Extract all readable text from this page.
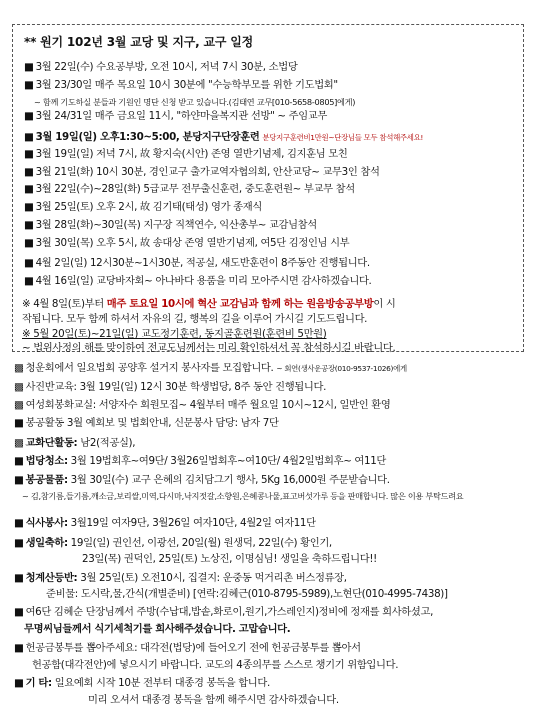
** 원기 102년 3월 교당 및 지구, 교구 일정
■ 3월 22일(수) 수요공부방, 오전 10시, 저녁 7시 30분, 소법당
■ 3월 23/30일 매주 목요일 10시 30분에 "수능학부모를 위한 기도법회"
~ 함께 기도하실 분들과 기원인 명단 신청 받고 있습니다.(김태연 교무[010-5658-0805]에게)
■ 3월 24/31일 매주 금요일 11시, "하얀마을복지관 선방" ~ 주임교무
■ 3월 19일(일) 오후1:30~5:00, 분당지구단장훈련 분당지구훈련비1만원~단장님들 모두 참석해주세요!
■ 3월 19일(일) 저녁 7시, 故 황지숙(시안) 존영 열반기념제, 김지훈님 모친
■ 3월 21일(화) 10시 30분, 경인교구 출가교역자협의회, 안산교당~ 교무3인 참석
■ 3월 22일(수)~28일(화) 5급교무 전무출신훈련, 중도훈련원~ 부교무 참석
■ 3월 25일(토) 오후 2시, 故 김기태(태성) 영가 종재식
■ 3월 28일(화)~30일(목) 지구장 직책연수, 익산총부~ 교감님참석
■ 3월 30일(목) 오후 5시, 故 송대상 존영 열반기념제, 여5단 김정인님 시부
■ 4월 2일(일) 12시30분~1시30분, 적공실, 새도반훈련이 8주동안 진행됩니다.
■ 4월 16일(일) 교당바자회~ 아나바다 용품을 미리 모아주시면 감사하겠습니다.
※ 4월 8일(토)부터 매주 토요일 10시에 혁산 교감님과 함께 하는 원음방송공부방이 시
작됩니다. 모두 함께 하셔서 자유의 길, 행복의 길을 이루어 가시길 기도드립니다.
※ 5월 20일(토)~21일(일) 교도정기훈련, 동지골훈련원(훈련비 5만원)
~ 법위사정의 해를 맞이하여 전교도님께서는 미리 확인하셔서 꼭 참석하시길 바랍니다.
▩ 청운회에서 일요법회 공양후 설거지 봉사자를 모집합니다. ~ 회연(생사운공장(010-9537-1026)에게
▩ 사진반교육: 3월 19일(일) 12시 30분 학생법당, 8주 동안 진행됩니다.
▩ 여성회봉화교실: 서양자수 회원모집~ 4월부터 매주 월요일 10시~12시, 일반인 환영
■ 봉공활동 3월 예회보 및 법회안내, 신문봉사 담당: 남자 7단
▩ 교화단활동: 남2(적공실),
■ 법당청소: 3월 19법회후~여9단/ 3월26일법회후~여10단/ 4월2일법회후~ 여11단
■ 봉공물품: 3월 30일(수) 교구 은혜의 김치담그기 행사, 5Kg 16,000원 주문받습니다.
~ 김,참기름,들기름,깨소금,보리쌀,미역,다시마,낙지젓갈,소향원,은혜콩나물,표고버섯가루 등을 판매합니다. 많은 이용 부탁드려요
■ 식사봉사: 3월19일 여자9단, 3월26일 여자10단, 4월2일 여자11단
■ 생일축하: 19일(일) 권인선, 이광선, 20일(월) 원생덕, 22일(수) 황인기,
23일(목) 권덕인, 25일(토) 노상진, 이명심님! 생일을 축하드립니다!!
■ 청계산등반: 3월 25일(토) 오전10시, 집결지: 운중동 먹거리촌 버스정류장,
준비물: 도시락,물,간식(개별준비) [연락:김혜근(010-8795-5989),노현단(010-4995-7438)]
■ 여6단 김혜순 단장님께서 주방(수납대,밥솥,화로이,원기,가스레인지)정비에 정재를 희사하셨고,
무명씨님들께서 식기세척기를 희사해주셨습니다. 고맙습니다.
■ 헌공금봉투를 뽑아주세요: 대각전(법당)에 들어오기 전에 헌공금봉투를 뽑아서
헌공함(대각전안)에 넣으시기 바랍니다. 교도의 4종의무를 스스로 챙기기 위함입니다.
■ 기 타: 일요예회 시작 10분 전부터 대종경 봉독을 합니다.
미리 오셔서 대종경 봉독을 함께 해주시면 감사하겠습니다.
